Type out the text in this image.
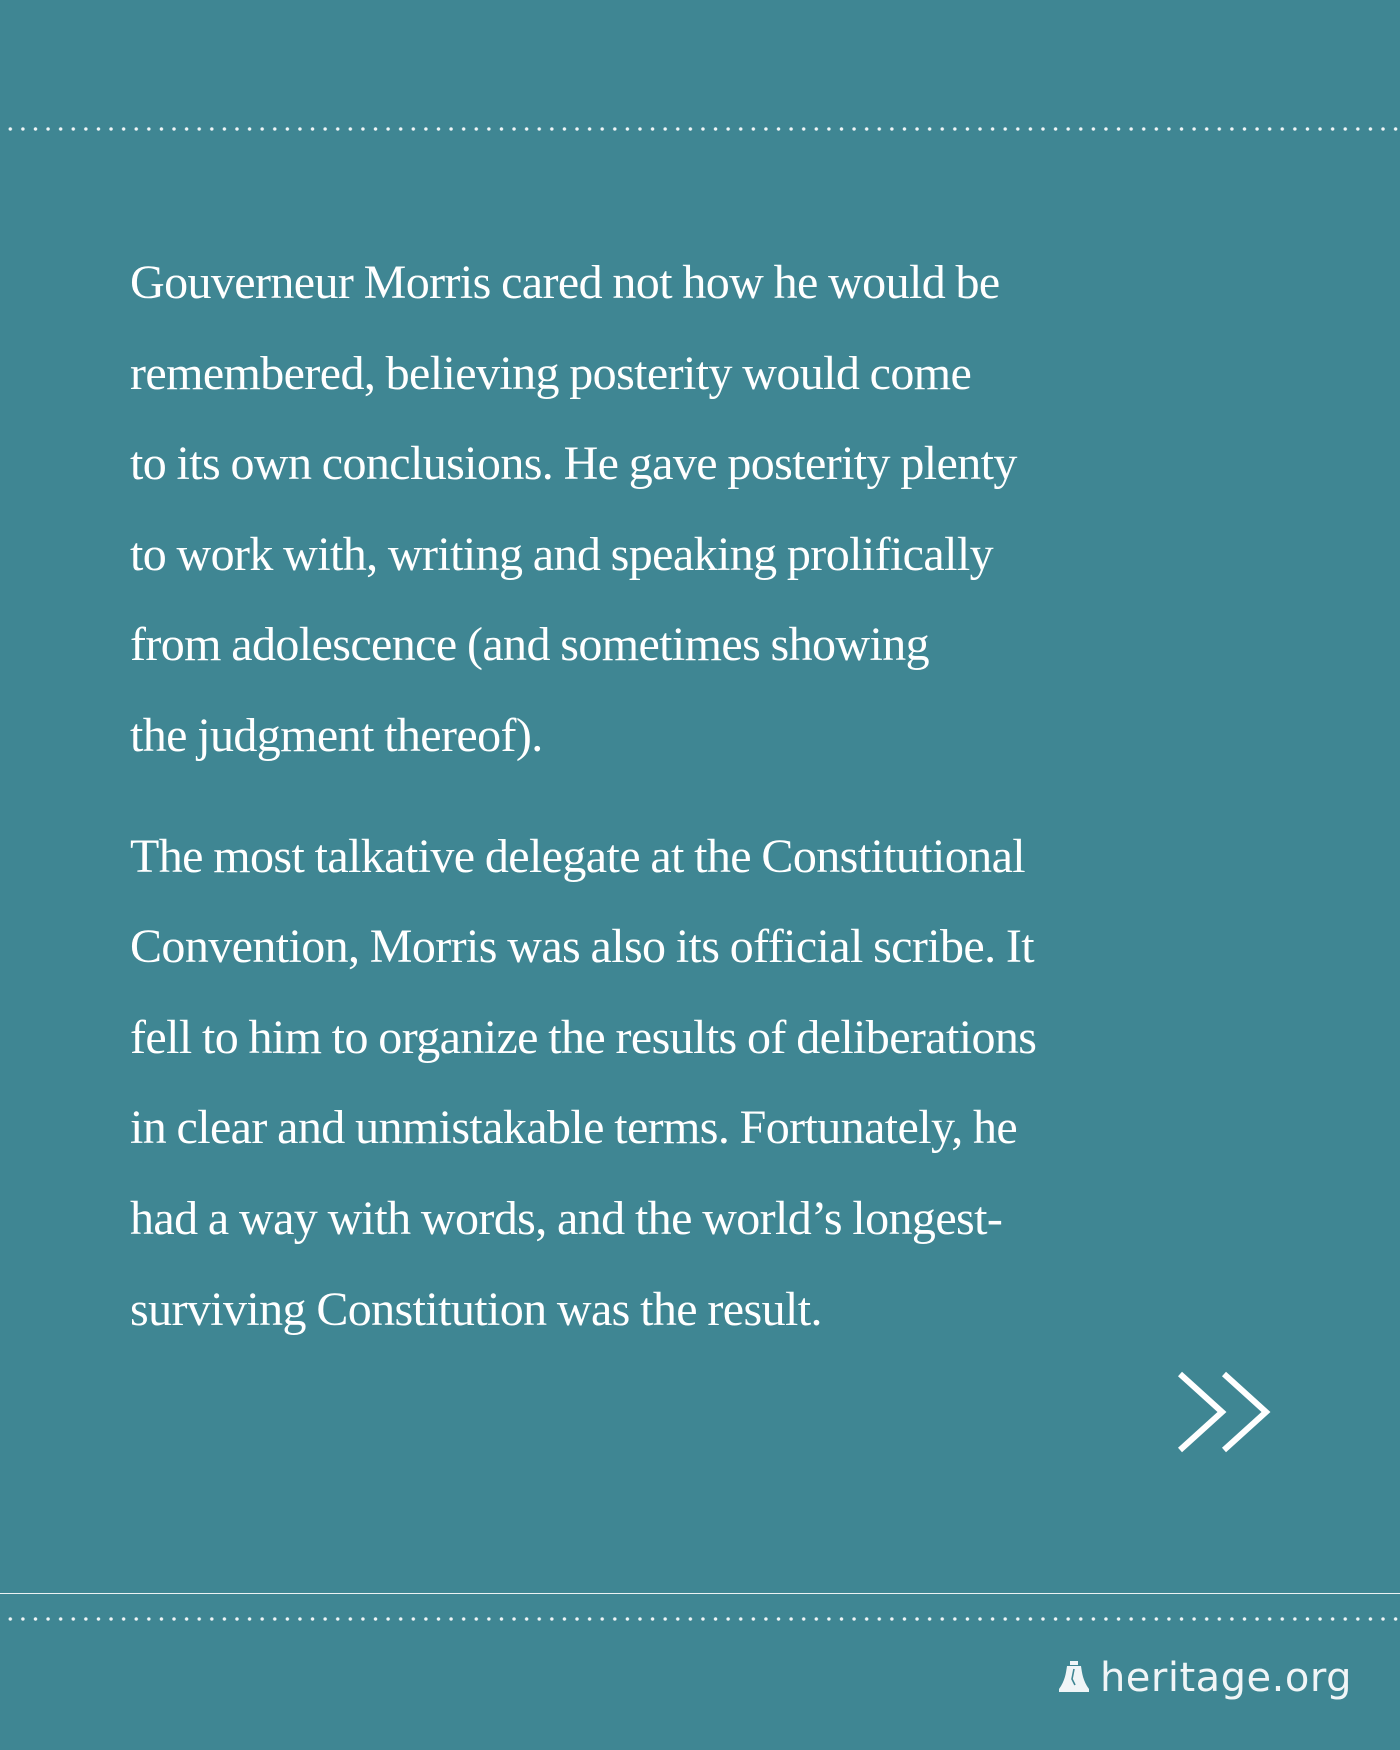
Gouverneur Morris cared not how he would be
remembered, believing posterity would come
to its own conclusions. He gave posterity plenty
to work with, writing and speaking prolifically
from adolescence (and sometimes showing
the judgment thereof).

The most talkative delegate at the Constitutional
Convention, Morris was also its official scribe. It
fell to him to organize the results of deliberations
in clear and unmistakable terms. Fortunately, he
had a way with words, and the world’s longest-
surviving Constitution was the result.

heritage.org
